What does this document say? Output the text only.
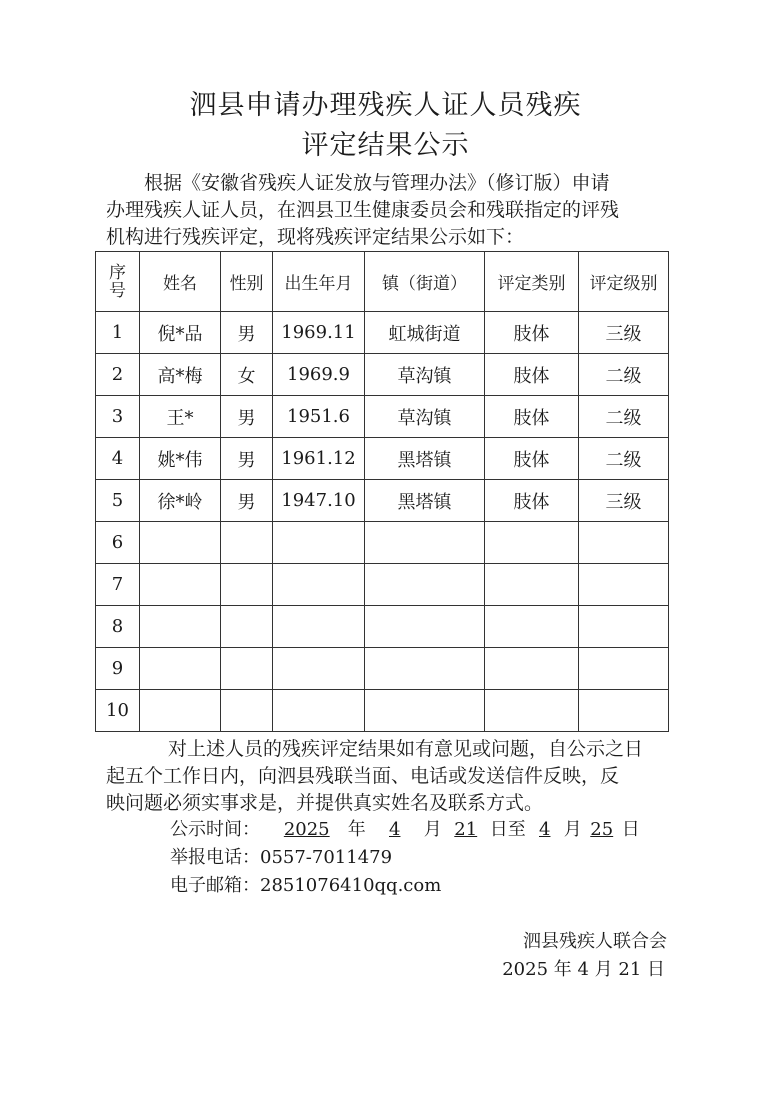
泗县申请办理残疾人证人员残疾
评定结果公示
根据《安徽省残疾人证发放与管理办法》（修订版）申请
办理残疾人证人员，在泗县卫生健康委员会和残联指定的评残
机构进行残疾评定，现将残疾评定结果公示如下：
序
号	姓名	性别	出生年月	镇（街道）	评定类别	评定级别
1	倪*品	男	1969.11	虹城街道	肢体	三级
2	高*梅	女	1969.9	草沟镇	肢体	二级
3	王*	男	1951.6	草沟镇	肢体	二级
4	姚*伟	男	1961.12	黑塔镇	肢体	二级
5	徐*岭	男	1947.10	黑塔镇	肢体	三级
6						
7						
8						
9						
10						
对上述人员的残疾评定结果如有意见或问题，自公示之日
起五个工作日内，向泗县残联当面、电话或发送信件反映，反
映问题必须实事求是，并提供真实姓名及联系方式。
公示时间： 2025 年 4 月 21 日至 4 月 25 日
举报电话：0557-7011479
电子邮箱：2851076410qq.com
泗县残疾人联合会
2025 年 4 月 21 日
